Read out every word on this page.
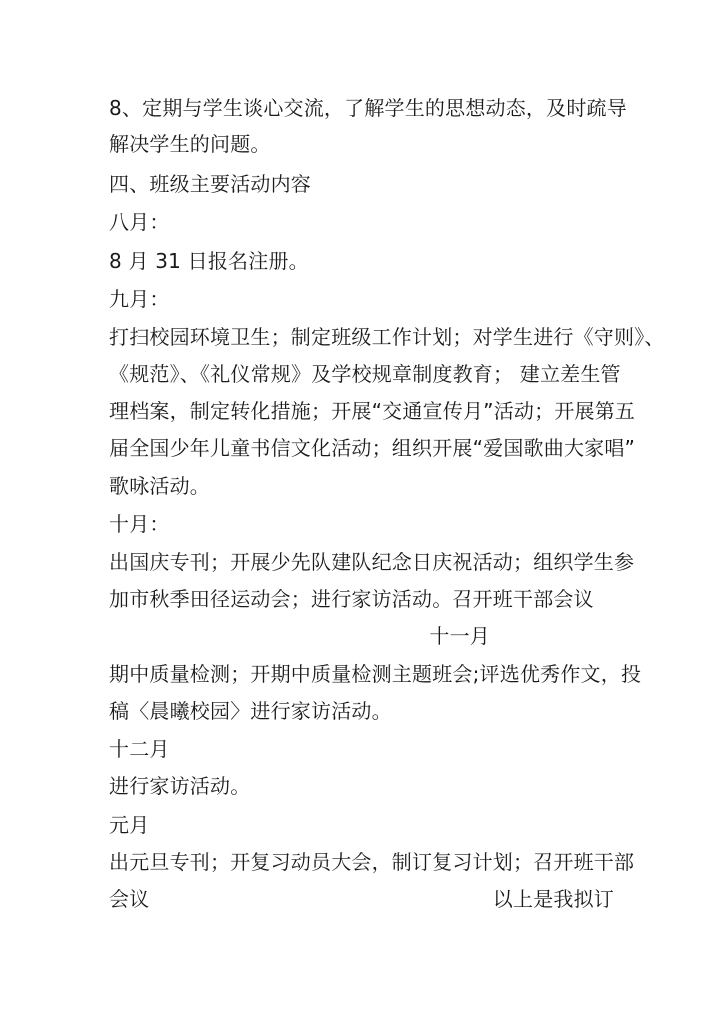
8、定期与学生谈心交流，了解学生的思想动态，及时疏导
解决学生的问题。
四、班级主要活动内容
八月：
8 月 31 日报名注册。
九月：
打扫校园环境卫生；制定班级工作计划；对学生进行《守则》、
《规范》、《礼仪常规》及学校规章制度教育； 建立差生管
理档案，制定转化措施；开展“交通宣传月”活动；开展第五
届全国少年儿童书信文化活动；组织开展“爱国歌曲大家唱”
歌咏活动。
十月：
出国庆专刊；开展少先队建队纪念日庆祝活动；组织学生参
加市秋季田径运动会；进行家访活动。召开班干部会议
十一月
期中质量检测；开期中质量检测主题班会;评选优秀作文，投
稿〈晨曦校园〉进行家访活动。
十二月
进行家访活动。
元月
出元旦专刊；开复习动员大会，制订复习计划；召开班干部
会议	以上是我拟订
